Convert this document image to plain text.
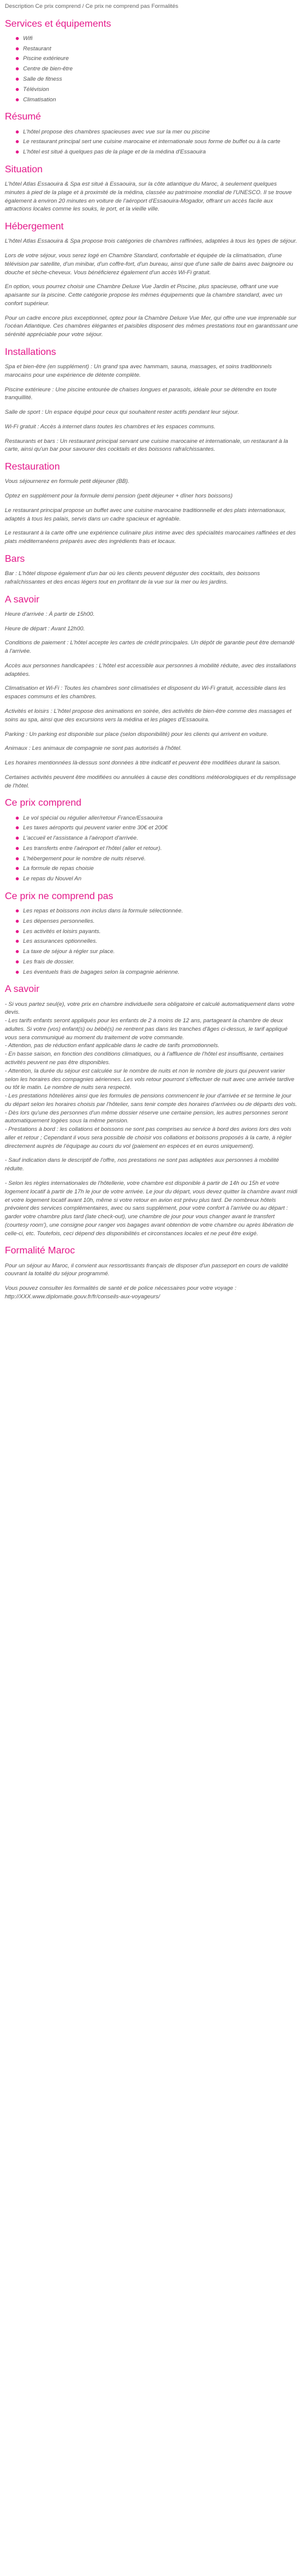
Description Ce prix comprend / Ce prix ne comprend pas Formalités
Services et équipements
Wifi
Restaurant
Piscine extérieure
Centre de bien-être
Salle de fitness
Télévision
Climatisation
Résumé
L'hôtel propose des chambres spacieuses avec vue sur la mer ou piscine
Le restaurant principal sert une cuisine marocaine et internationale sous forme de buffet ou à la carte
L'hôtel est situé à quelques pas de la plage et de la médina d'Essaouira
Situation

L'hôtel Atlas Essaouira & Spa est situé à Essaouira, sur la côte atlantique du Maroc, à seulement quelques minutes à pied de la plage et à proximité de la médina, classée au patrimoine mondial de l'UNESCO. Il se trouve également à environ 20 minutes en voiture de l'aéroport d'Essaouira-Mogador, offrant un accès facile aux attractions locales comme les souks, le port, et la vieille ville.

Hébergement

L'hôtel Atlas Essaouira & Spa propose trois catégories de chambres raffinées, adaptées à tous les types de séjour.

Lors de votre séjour, vous serez logé en Chambre Standard, confortable et équipée de la climatisation, d'une télévision par satellite, d'un minibar, d'un coffre-fort, d'un bureau, ainsi que d'une salle de bains avec baignoire ou douche et sèche-cheveux. Vous bénéficierez également d'un accès Wi-Fi gratuit.

En option, vous pourrez choisir une Chambre Deluxe Vue Jardin et Piscine, plus spacieuse, offrant une vue apaisante sur la piscine. Cette catégorie propose les mêmes équipements que la chambre standard, avec un confort supérieur.

Pour un cadre encore plus exceptionnel, optez pour la Chambre Deluxe Vue Mer, qui offre une vue imprenable sur l'océan Atlantique. Ces chambres élégantes et paisibles disposent des mêmes prestations tout en garantissant une sérénité appréciable pour votre séjour.

Installations

Spa et bien-être (en supplément) : Un grand spa avec hammam, sauna, massages, et soins traditionnels marocains pour une expérience de détente complète.

Piscine extérieure : Une piscine entourée de chaises longues et parasols, idéale pour se détendre en toute tranquillité.

Salle de sport : Un espace équipé pour ceux qui souhaitent rester actifs pendant leur séjour.

Wi-Fi gratuit : Accès à internet dans toutes les chambres et les espaces communs.

Restaurants et bars : Un restaurant principal servant une cuisine marocaine et internationale, un restaurant à la carte, ainsi qu'un bar pour savourer des cocktails et des boissons rafraîchissantes.

Restauration

Vous séjournerez en formule petit déjeuner (BB).

Optez en supplément pour la formule demi pension (petit déjeuner + dîner hors boissons)

Le restaurant principal propose un buffet avec une cuisine marocaine traditionnelle et des plats internationaux, adaptés à tous les palais, servis dans un cadre spacieux et agréable.

Le restaurant à la carte offre une expérience culinaire plus intime avec des spécialités marocaines raffinées et des plats méditerranéens préparés avec des ingrédients frais et locaux.

Bars

Bar : L'hôtel dispose également d'un bar où les clients peuvent déguster des cocktails, des boissons rafraîchissantes et des encas légers tout en profitant de la vue sur la mer ou les jardins.

A savoir

Heure d'arrivée : À partir de 15h00.

Heure de départ : Avant 12h00.

Conditions de paiement : L'hôtel accepte les cartes de crédit principales. Un dépôt de garantie peut être demandé à l'arrivée.

Accès aux personnes handicapées : L'hôtel est accessible aux personnes à mobilité réduite, avec des installations adaptées.

Climatisation et Wi-Fi : Toutes les chambres sont climatisées et disposent du Wi-Fi gratuit, accessible dans les espaces communs et les chambres.

Activités et loisirs : L'hôtel propose des animations en soirée, des activités de bien-être comme des massages et soins au spa, ainsi que des excursions vers la médina et les plages d'Essaouira.

Parking : Un parking est disponible sur place (selon disponibilité) pour les clients qui arrivent en voiture.

Animaux : Les animaux de compagnie ne sont pas autorisés à l'hôtel.

Les horaires mentionnées là-dessus sont données à titre indicatif et peuvent être modifiées durant la saison.

Certaines activités peuvent être modifiées ou annulées à cause des conditions météorologiques et du remplissage de l'hôtel.

Ce prix comprend
Le vol spécial ou régulier aller/retour France/Essaouira
Les taxes aéroports qui peuvent varier entre 30€ et 200€
L'accueil et l'assistance à l'aéroport d'arrivée.
Les transferts entre l'aéroport et l'hôtel (aller et retour).
L'hébergement pour le nombre de nuits réservé.
La formule de repas choisie
Le repas du Nouvel An
Ce prix ne comprend pas
Les repas et boissons non inclus dans la formule sélectionnée.
Les dépenses personnelles.
Les activités et loisirs payants.
Les assurances optionnelles.
La taxe de séjour à régler sur place.
Les frais de dossier.
Les éventuels frais de bagages selon la compagnie aérienne.
A savoir

- Si vous partez seul(e), votre prix en chambre individuelle sera obligatoire et calculé automatiquement dans votre devis.
- Les tarifs enfants seront appliqués pour les enfants de 2 à moins de 12 ans, partageant la chambre de deux adultes. Si votre (vos) enfant(s) ou bébé(s) ne rentrent pas dans les tranches d'âges ci-dessus, le tarif appliqué vous sera communiqué au moment du traitement de votre commande.
- Attention, pas de réduction enfant applicable dans le cadre de tarifs promotionnels.
- En basse saison, en fonction des conditions climatiques, ou à l'affluence de l'hôtel est insuffisante, certaines activités peuvent ne pas être disponibles.
- Attention, la durée du séjour est calculée sur le nombre de nuits et non le nombre de jours qui peuvent varier selon les horaires des compagnies aériennes. Les vols retour pourront s'effectuer de nuit avec une arrivée tardive ou tôt le matin. Le nombre de nuits sera respecté.
- Les prestations hôtelières ainsi que les formules de pensions commencent le jour d'arrivée et se termine le jour du départ selon les horaires choisis par l'hôtelier, sans tenir compte des horaires d'arrivées ou de départs des vols.
- Dès lors qu'une des personnes d'un même dossier réserve une certaine pension, les autres personnes seront automatiquement logées sous la même pension.
- Prestations à bord : les collations et boissons ne sont pas comprises au service à bord des avions lors des vols aller et retour ; Cependant il vous sera possible de choisir vos collations et boissons proposés à la carte, à régler directement auprès de l'équipage au cours du vol (paiement en espèces et en euros uniquement).

- Sauf indication dans le descriptif de l'offre, nos prestations ne sont pas adaptées aux personnes à mobilité réduite.

- Selon les règles internationales de l'hôtellerie, votre chambre est disponible à partir de 14h ou 15h et votre logement locatif à partir de 17h le jour de votre arrivée. Le jour du départ, vous devez quitter la chambre avant midi et votre logement locatif avant 10h, même si votre retour en avion est prévu plus tard. De nombreux hôtels prévoient des services complémentaires, avec ou sans supplément, pour votre confort à l'arrivée ou au départ : garder votre chambre plus tard (late check-out), une chambre de jour pour vous changer avant le transfert (courtesy room'), une consigne pour ranger vos bagages avant obtention de votre chambre ou après libération de celle-ci, etc. Toutefois, ceci dépend des disponibilités et circonstances locales et ne peut être exigé.

Formalité Maroc

Pour un séjour au Maroc, il convient aux ressortissants français de disposer d'un passeport en cours de validité couvrant la totalité du séjour programmé.

Vous pouvez consulter les formalités de santé et de police nécessaires pour votre voyage : http://XXX.www.diplomatie.gouv.fr/fr/conseils-aux-voyageurs/
